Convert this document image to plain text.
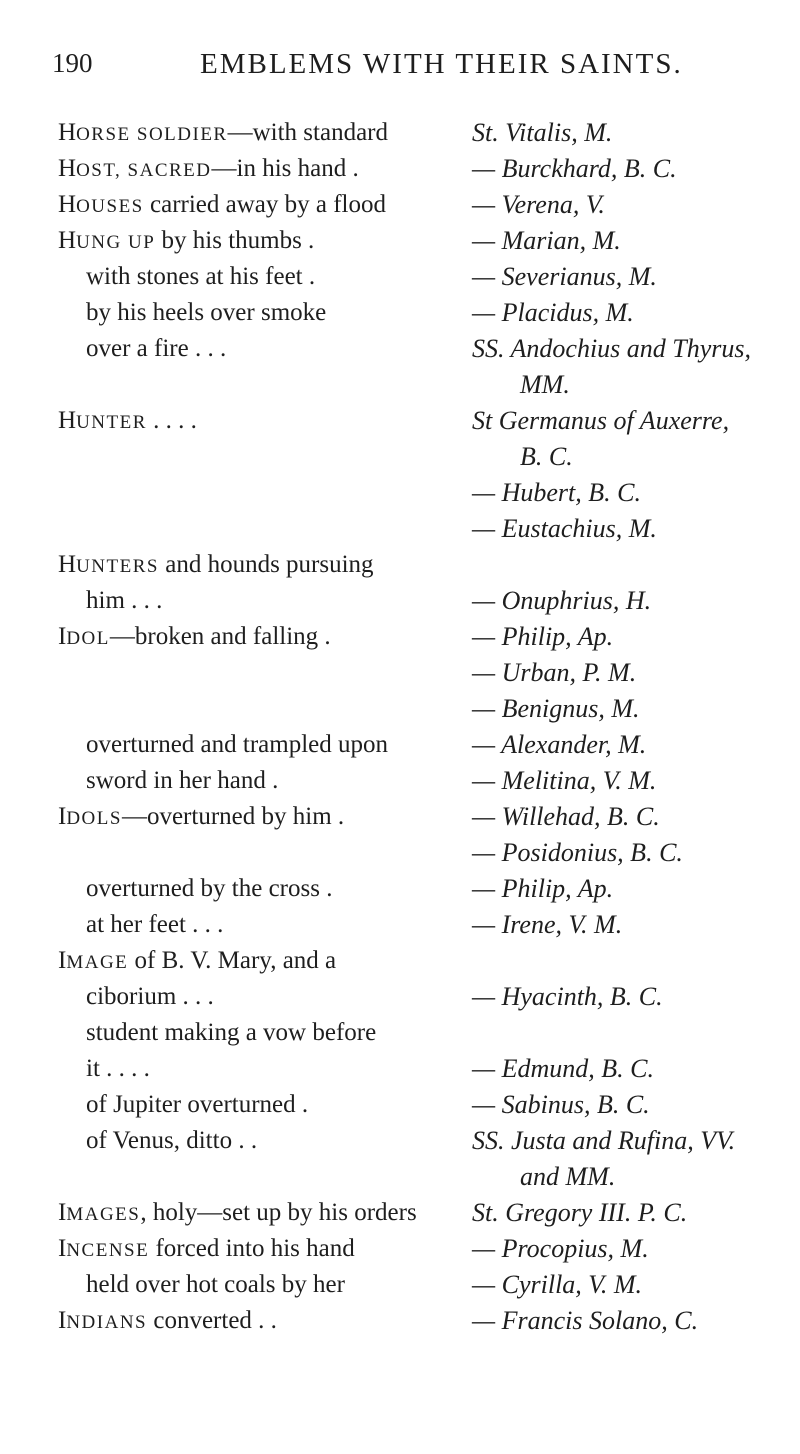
190	EMBLEMS WITH THEIR SAINTS.
HORSE SOLDIER—with standard	St. Vitalis, M.
HOST, SACRED—in his hand .	— Burckhard, B. C.
HOUSES carried away by a flood	— Verena, V.
HUNG UP by his thumbs .	— Marian, M.
with stones at his feet .	— Severianus, M.
by his heels over smoke	— Placidus, M.
over a fire . . .	SS. Andochius and Thyrus,
MM.
HUNTER . . . .	St Germanus of Auxerre,
B. C.
— Hubert, B. C.
— Eustachius, M.
HUNTERS and hounds pursuing
him . . .	— Onuphrius, H.
IDOL—broken and falling .	— Philip, Ap.
— Urban, P. M.
— Benignus, M.
overturned and trampled upon	— Alexander, M.
sword in her hand .	— Melitina, V. M.
IDOLS—overturned by him .	— Willehad, B. C.
— Posidonius, B. C.
overturned by the cross .	— Philip, Ap.
at her feet . . .	— Irene, V. M.
IMAGE of B. V. Mary, and a
ciborium . . .	— Hyacinth, B. C.
student making a vow before
it . . . .	— Edmund, B. C.
of Jupiter overturned .	— Sabinus, B. C.
of Venus, ditto . .	SS. Justa and Rufina, VV.
and MM.
IMAGES, holy—set up by his orders	St. Gregory III. P. C.
INCENSE forced into his hand	— Procopius, M.
held over hot coals by her	— Cyrilla, V. M.
INDIANS converted . .	— Francis Solano, C.
